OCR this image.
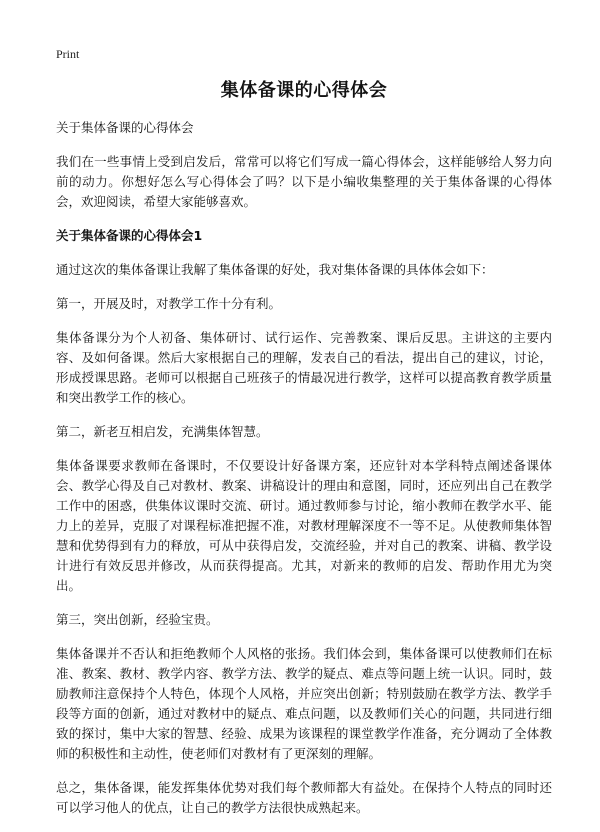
Print
集体备课的心得体会
关于集体备课的心得体会
我们在一些事情上受到启发后，常常可以将它们写成一篇心得体会，这样能够给人努力向前的动力。你想好怎么写心得体会了吗？以下是小编收集整理的关于集体备课的心得体会，欢迎阅读，希望大家能够喜欢。
关于集体备课的心得体会1
通过这次的集体备课让我解了集体备课的好处，我对集体备课的具体体会如下：
第一，开展及时，对教学工作十分有利。
集体备课分为个人初备、集体研讨、试行运作、完善教案、课后反思。主讲这的主要内容、及如何备课。然后大家根据自己的理解，发表自己的看法，提出自己的建议，讨论，形成授课思路。老师可以根据自己班孩子的情最况进行教学，这样可以提高教育教学质量和突出教学工作的核心。
第二，新老互相启发，充满集体智慧。
集体备课要求教师在备课时，不仅要设计好备课方案，还应针对本学科特点阐述备课体会、教学心得及自己对教材、教案、讲稿设计的理由和意图，同时，还应列出自己在教学工作中的困惑，供集体议课时交流、研讨。通过教师参与讨论，缩小教师在教学水平、能力上的差异，克服了对课程标准把握不准，对教材理解深度不一等不足。从使教师集体智慧和优势得到有力的释放，可从中获得启发，交流经验，并对自己的教案、讲稿、教学设计进行有效反思并修改，从而获得提高。尤其，对新来的教师的启发、帮助作用尤为突出。
第三，突出创新，经验宝贵。
集体备课并不否认和拒绝教师个人风格的张扬。我们体会到，集体备课可以使教师们在标准、教案、教材、教学内容、教学方法、教学的疑点、难点等问题上统一认识。同时，鼓励教师注意保持个人特色，体现个人风格，并应突出创新；特别鼓励在教学方法、教学手段等方面的创新，通过对教材中的疑点、难点问题，以及教师们关心的问题，共同进行细致的探讨，集中大家的智慧、经验、成果为该课程的课堂教学作准备，充分调动了全体教师的积极性和主动性，使老师们对教材有了更深刻的理解。
总之，集体备课，能发挥集体优势对我们每个教师都大有益处。在保持个人特点的同时还可以学习他人的优点，让自己的教学方法很快成熟起来。
